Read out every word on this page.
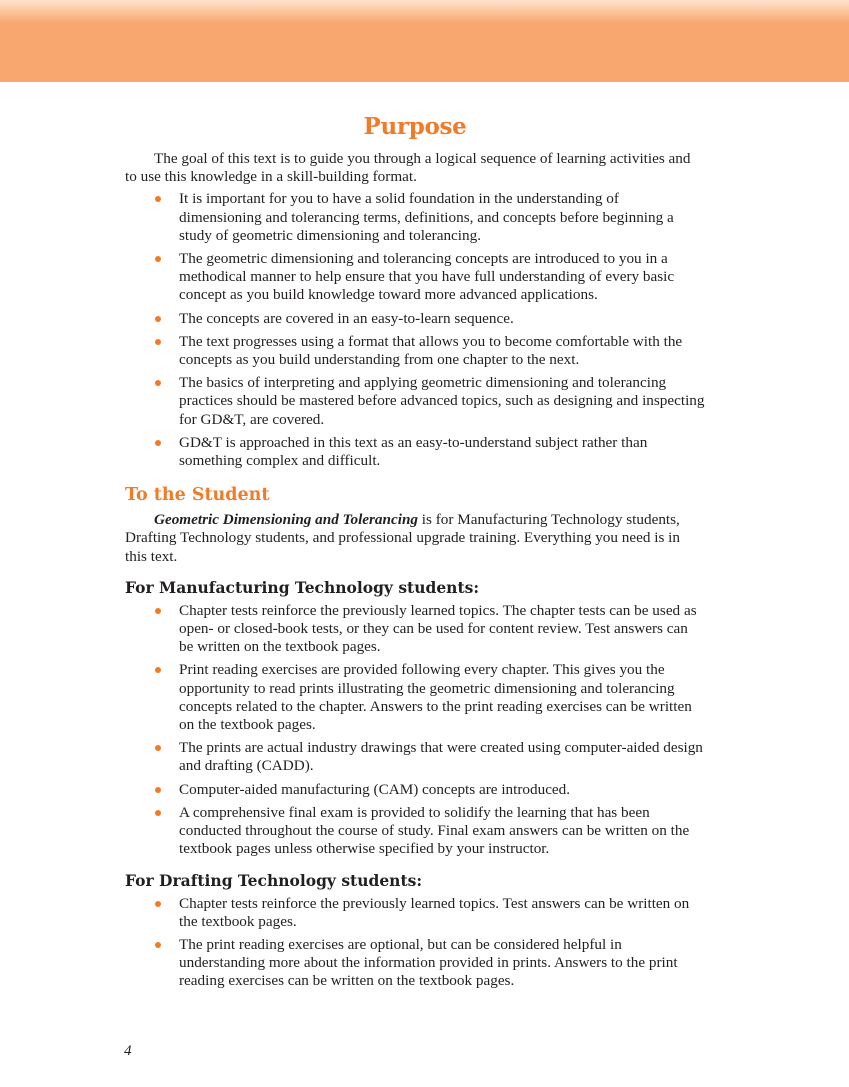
Purpose

The goal of this text is to guide you through a logical sequence of learning activities and to use this knowledge in a skill-building format.

It is important for you to have a solid foundation in the understanding of dimensioning and tolerancing terms, definitions, and concepts before beginning a study of geometric dimensioning and tolerancing.
The geometric dimensioning and tolerancing concepts are introduced to you in a methodical manner to help ensure that you have full understanding of every basic concept as you build knowledge toward more advanced applications.
The concepts are covered in an easy-to-learn sequence.
The text progresses using a format that allows you to become comfortable with the concepts as you build understanding from one chapter to the next.
The basics of interpreting and applying geometric dimensioning and tolerancing practices should be mastered before advanced topics, such as designing and inspecting for GD&T, are covered.
GD&T is approached in this text as an easy-to-understand subject rather than something complex and difficult.
To the Student

Geometric Dimensioning and Tolerancing is for Manufacturing Technology students, Drafting Technology students, and professional upgrade training. Everything you need is in this text.

For Manufacturing Technology students:
Chapter tests reinforce the previously learned topics. The chapter tests can be used as open- or closed-book tests, or they can be used for content review. Test answers can be written on the textbook pages.
Print reading exercises are provided following every chapter. This gives you the opportunity to read prints illustrating the geometric dimensioning and tolerancing concepts related to the chapter. Answers to the print reading exercises can be written on the textbook pages.
The prints are actual industry drawings that were created using computer-aided design and drafting (CADD).
Computer-aided manufacturing (CAM) concepts are introduced.
A comprehensive final exam is provided to solidify the learning that has been conducted throughout the course of study. Final exam answers can be written on the textbook pages unless otherwise specified by your instructor.
For Drafting Technology students:
Chapter tests reinforce the previously learned topics. Test answers can be written on the textbook pages.
The print reading exercises are optional, but can be considered helpful in understanding more about the information provided in prints. Answers to the print reading exercises can be written on the textbook pages.
4
